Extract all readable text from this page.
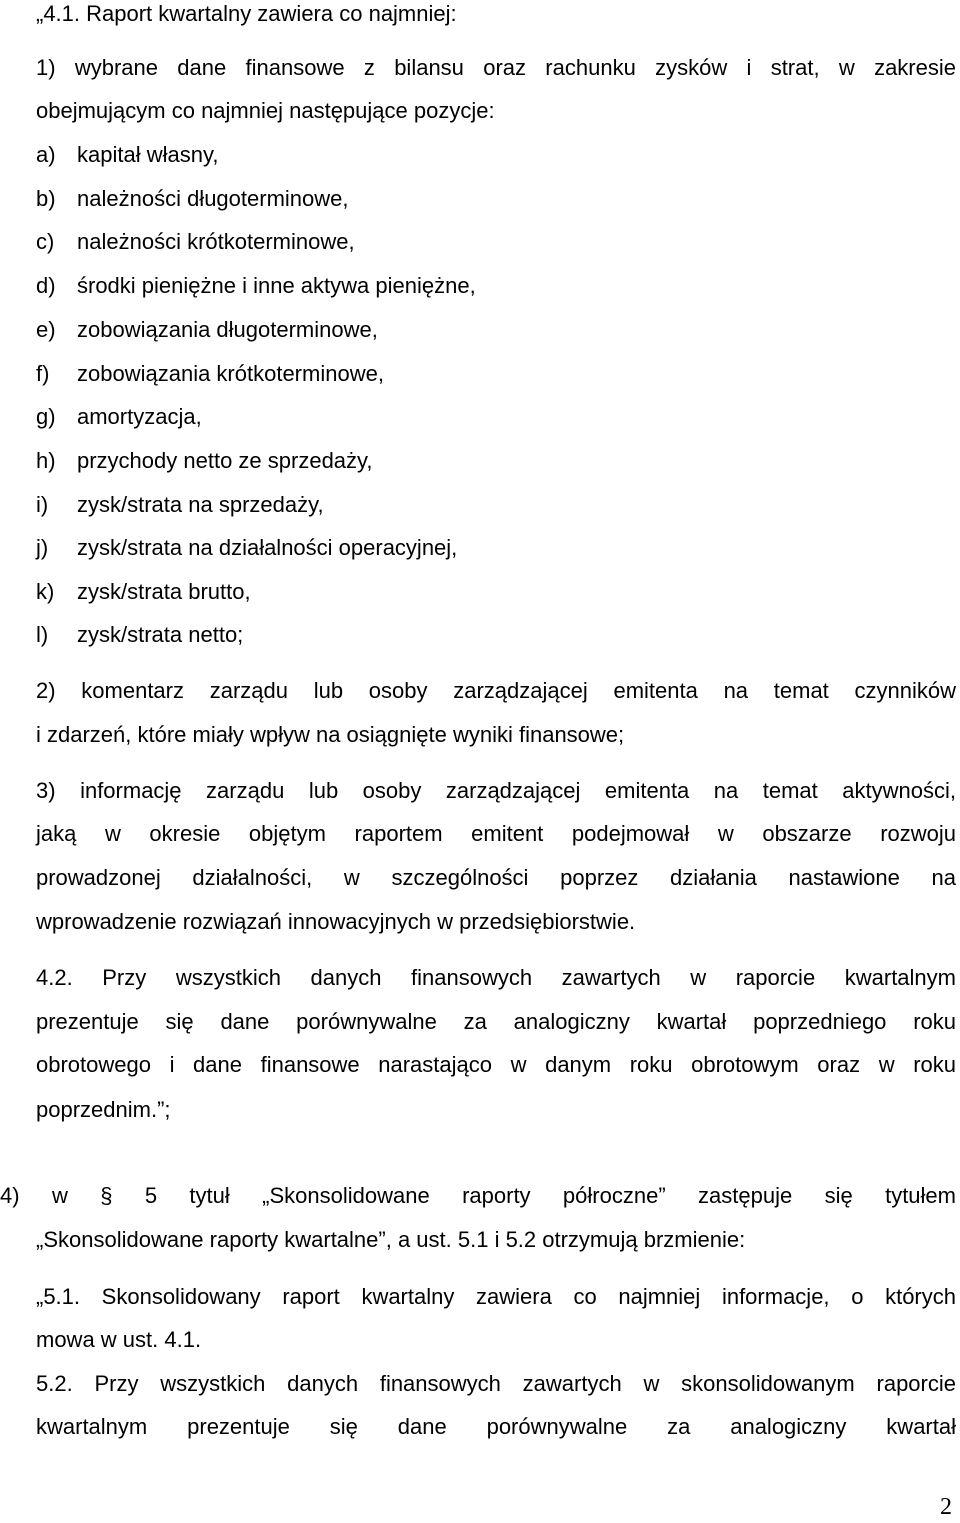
„4.1. Raport kwartalny zawiera co najmniej:
1) wybrane dane finansowe z bilansu oraz rachunku zysków i strat, w zakresie
obejmującym co najmniej następujące pozycje:
a) kapitał własny,
b) należności długoterminowe,
c) należności krótkoterminowe,
d) środki pieniężne i inne aktywa pieniężne,
e) zobowiązania długoterminowe,
f) zobowiązania krótkoterminowe,
g) amortyzacja,
h) przychody netto ze sprzedaży,
i) zysk/strata na sprzedaży,
j) zysk/strata na działalności operacyjnej,
k) zysk/strata brutto,
l) zysk/strata netto;
2) komentarz zarządu lub osoby zarządzającej emitenta na temat czynników
i zdarzeń, które miały wpływ na osiągnięte wyniki finansowe;
3) informację zarządu lub osoby zarządzającej emitenta na temat aktywności,
jaką w okresie objętym raportem emitent podejmował w obszarze rozwoju
prowadzonej działalności, w szczególności poprzez działania nastawione na
wprowadzenie rozwiązań innowacyjnych w przedsiębiorstwie.
4.2. Przy wszystkich danych finansowych zawartych w raporcie kwartalnym
prezentuje się dane porównywalne za analogiczny kwartał poprzedniego roku
obrotowego i dane finansowe narastająco w danym roku obrotowym oraz w roku
poprzednim.”;
4) w § 5 tytuł „Skonsolidowane raporty półroczne” zastępuje się tytułem
„Skonsolidowane raporty kwartalne”, a ust. 5.1 i 5.2 otrzymują brzmienie:
„5.1. Skonsolidowany raport kwartalny zawiera co najmniej informacje, o których
mowa w ust. 4.1.
5.2. Przy wszystkich danych finansowych zawartych w skonsolidowanym raporcie
kwartalnym prezentuje się dane porównywalne za analogiczny kwartał
2
